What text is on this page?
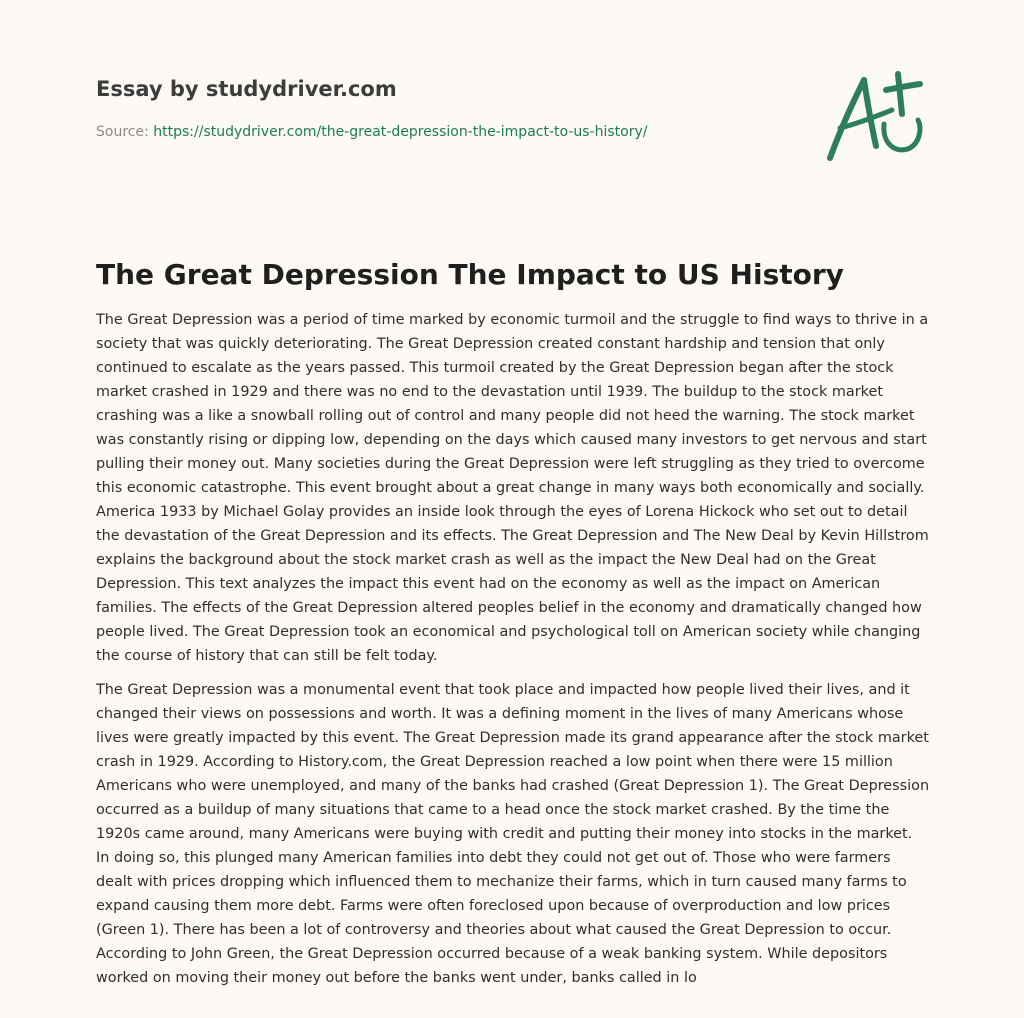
Essay by studydriver.com
Source: https://studydriver.com/the-great-depression-the-impact-to-us-history/
The Great Depression The Impact to US History

The Great Depression was a period of time marked by economic turmoil and the struggle to find ways to thrive in a society that was quickly deteriorating. The Great Depression created constant hardship and tension that only continued to escalate as the years passed. This turmoil created by the Great Depression began after the stock market crashed in 1929 and there was no end to the devastation until 1939. The buildup to the stock market crashing was a like a snowball rolling out of control and many people did not heed the warning. The stock market was constantly rising or dipping low, depending on the days which caused many investors to get nervous and start pulling their money out. Many societies during the Great Depression were left struggling as they tried to overcome this economic catastrophe. This event brought about a great change in many ways both economically and socially. America 1933 by Michael Golay provides an inside look through the eyes of Lorena Hickock who set out to detail the devastation of the Great Depression and its effects. The Great Depression and The New Deal by Kevin Hillstrom explains the background about the stock market crash as well as the impact the New Deal had on the Great Depression. This text analyzes the impact this event had on the economy as well as the impact on American families. The effects of the Great Depression altered peoples belief in the economy and dramatically changed how people lived. The Great Depression took an economical and psychological toll on American society while changing the course of history that can still be felt today.

The Great Depression was a monumental event that took place and impacted how people lived their lives, and it changed their views on possessions and worth. It was a defining moment in the lives of many Americans whose lives were greatly impacted by this event. The Great Depression made its grand appearance after the stock market crash in 1929. According to History.com, the Great Depression reached a low point when there were 15 million Americans who were unemployed, and many of the banks had crashed (Great Depression 1). The Great Depression occurred as a buildup of many situations that came to a head once the stock market crashed. By the time the 1920s came around, many Americans were buying with credit and putting their money into stocks in the market. In doing so, this plunged many American families into debt they could not get out of. Those who were farmers dealt with prices dropping which influenced them to mechanize their farms, which in turn caused many farms to expand causing them more debt. Farms were often foreclosed upon because of overproduction and low prices (Green 1). There has been a lot of controversy and theories about what caused the Great Depression to occur. According to John Green, the Great Depression occurred because of a weak banking system. While depositors worked on moving their money out before the banks went under, banks called in lo
